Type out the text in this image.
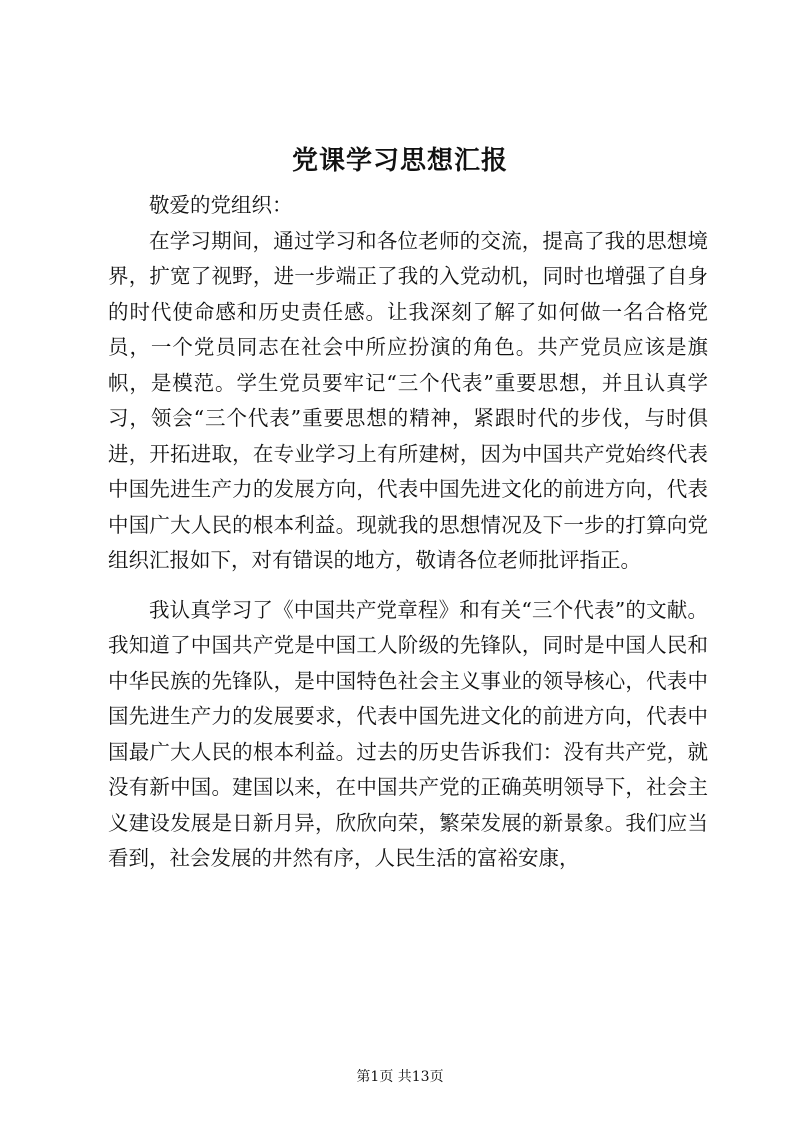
党课学习思想汇报

敬爱的党组织：

在学习期间，通过学习和各位老师的交流，提高了我的思想境界，扩宽了视野，进一步端正了我的入党动机，同时也增强了自身的时代使命感和历史责任感。让我深刻了解了如何做一名合格党员，一个党员同志在社会中所应扮演的角色。共产党员应该是旗帜，是模范。学生党员要牢记“三个代表”重要思想，并且认真学习，领会“三个代表”重要思想的精神，紧跟时代的步伐，与时俱进，开拓进取，在专业学习上有所建树，因为中国共产党始终代表中国先进生产力的发展方向，代表中国先进文化的前进方向，代表中国广大人民的根本利益。现就我的思想情况及下一步的打算向党组织汇报如下，对有错误的地方，敬请各位老师批评指正。

我认真学习了《中国共产党章程》和有关“三个代表”的文献。我知道了中国共产党是中国工人阶级的先锋队，同时是中国人民和中华民族的先锋队，是中国特色社会主义事业的领导核心，代表中国先进生产力的发展要求，代表中国先进文化的前进方向，代表中国最广大人民的根本利益。过去的历史告诉我们：没有共产党，就没有新中国。建国以来，在中国共产党的正确英明领导下，社会主义建设发展是日新月异，欣欣向荣，繁荣发展的新景象。我们应当看到，社会发展的井然有序，人民生活的富裕安康，

第1页 共13页
